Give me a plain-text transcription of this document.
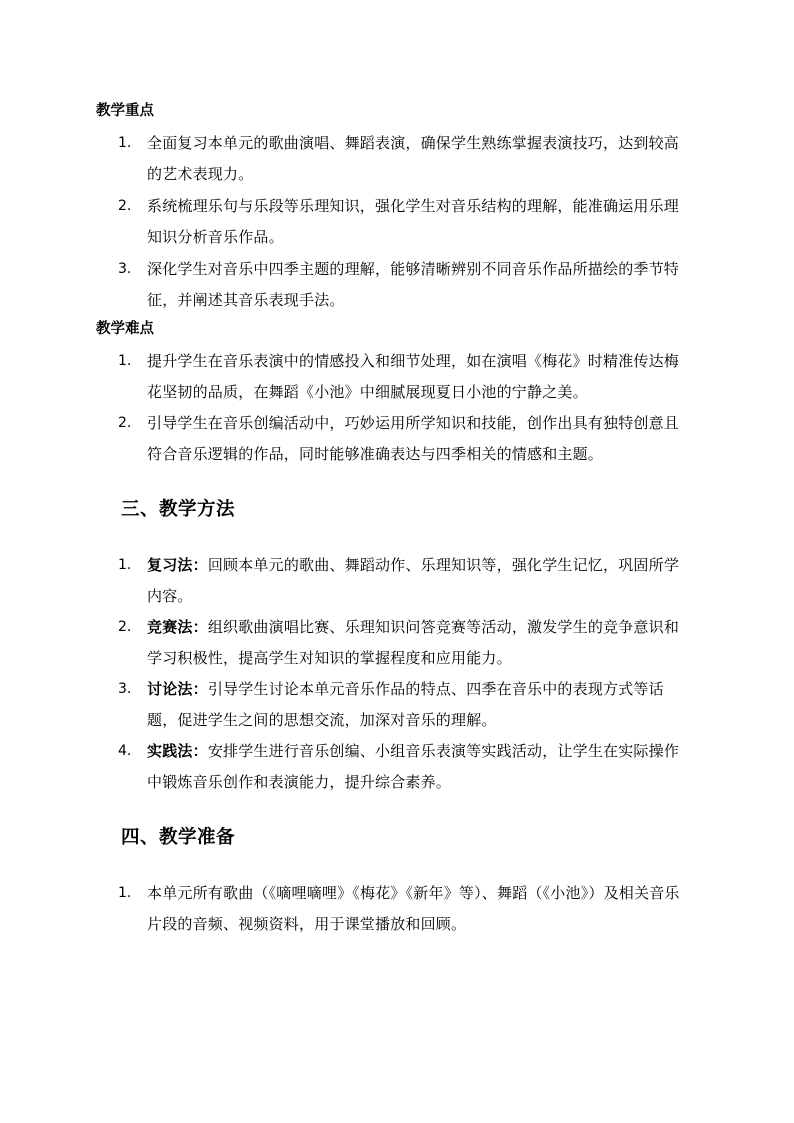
教学重点
1. 全面复习本单元的歌曲演唱、舞蹈表演，确保学生熟练掌握表演技巧，达到较高的艺术表现力。
2. 系统梳理乐句与乐段等乐理知识，强化学生对音乐结构的理解，能准确运用乐理知识分析音乐作品。
3. 深化学生对音乐中四季主题的理解，能够清晰辨别不同音乐作品所描绘的季节特征，并阐述其音乐表现手法。
教学难点
1. 提升学生在音乐表演中的情感投入和细节处理，如在演唱《梅花》时精准传达梅花坚韧的品质，在舞蹈《小池》中细腻展现夏日小池的宁静之美。
2. 引导学生在音乐创编活动中，巧妙运用所学知识和技能，创作出具有独特创意且符合音乐逻辑的作品，同时能够准确表达与四季相关的情感和主题。
三、教学方法
1. 复习法：回顾本单元的歌曲、舞蹈动作、乐理知识等，强化学生记忆，巩固所学内容。
2. 竞赛法：组织歌曲演唱比赛、乐理知识问答竞赛等活动，激发学生的竞争意识和学习积极性，提高学生对知识的掌握程度和应用能力。
3. 讨论法：引导学生讨论本单元音乐作品的特点、四季在音乐中的表现方式等话题，促进学生之间的思想交流，加深对音乐的理解。
4. 实践法：安排学生进行音乐创编、小组音乐表演等实践活动，让学生在实际操作中锻炼音乐创作和表演能力，提升综合素养。
四、教学准备
1. 本单元所有歌曲（《嘀哩嘀哩》《梅花》《新年》等）、舞蹈（《小池》）及相关音乐片段的音频、视频资料，用于课堂播放和回顾。
